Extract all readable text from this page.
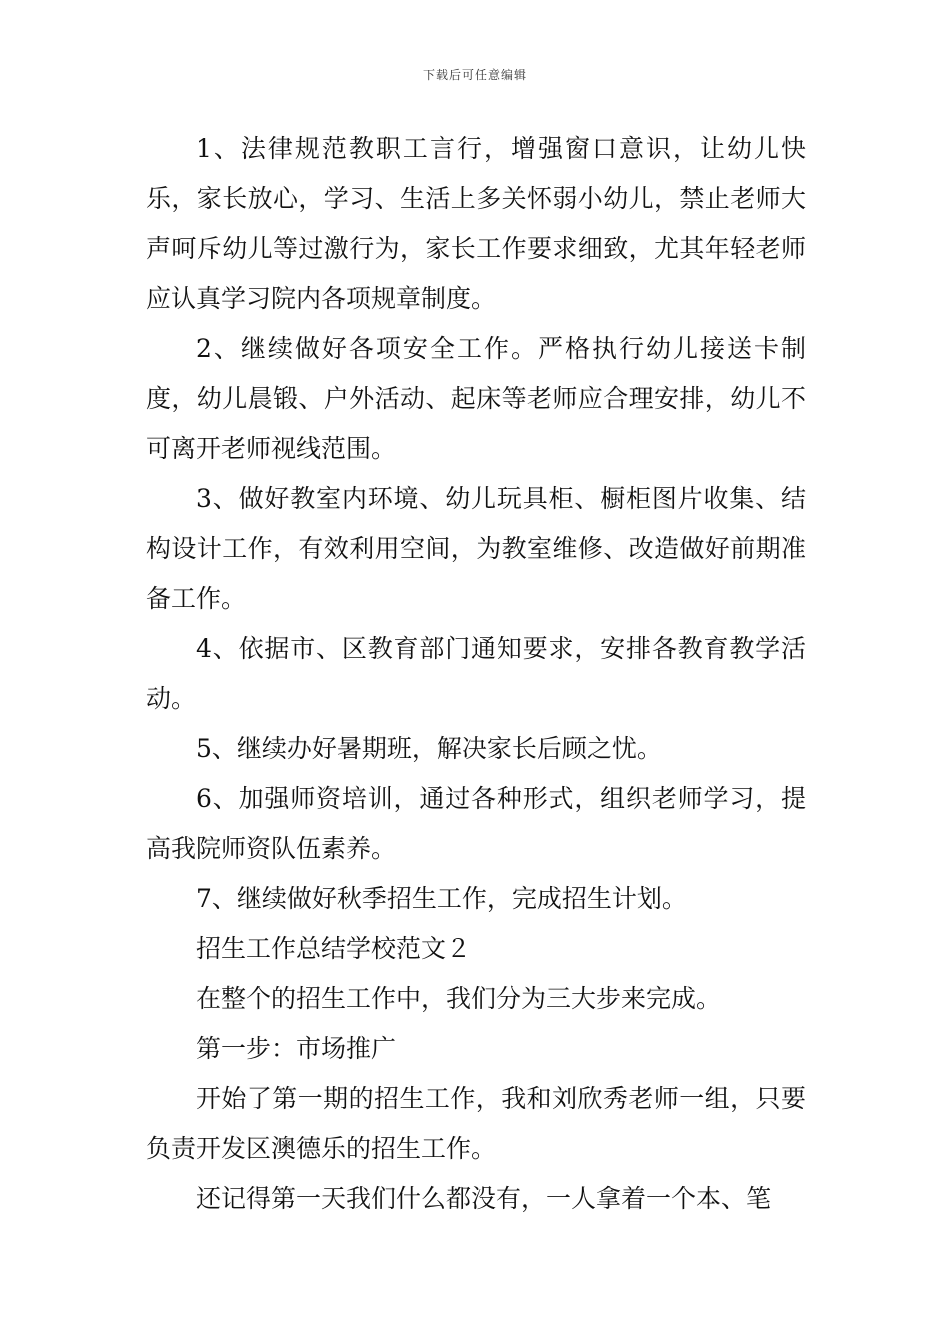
下载后可任意编辑

1、法律规范教职工言行，增强窗口意识，让幼儿快乐，家长放心，学习、生活上多关怀弱小幼儿，禁止老师大声呵斥幼儿等过激行为，家长工作要求细致，尤其年轻老师应认真学习院内各项规章制度。

2、继续做好各项安全工作。严格执行幼儿接送卡制度，幼儿晨锻、户外活动、起床等老师应合理安排，幼儿不可离开老师视线范围。

3、做好教室内环境、幼儿玩具柜、橱柜图片收集、结构设计工作，有效利用空间，为教室维修、改造做好前期准备工作。

4、依据市、区教育部门通知要求，安排各教育教学活动。

5、继续办好暑期班，解决家长后顾之忧。

6、加强师资培训，通过各种形式，组织老师学习，提高我院师资队伍素养。

7、继续做好秋季招生工作，完成招生计划。

招生工作总结学校范文２

在整个的招生工作中，我们分为三大步来完成。

第一步：市场推广

开始了第一期的招生工作，我和刘欣秀老师一组，只要负责开发区澳德乐的招生工作。

还记得第一天我们什么都没有，一人拿着一个本、笔
